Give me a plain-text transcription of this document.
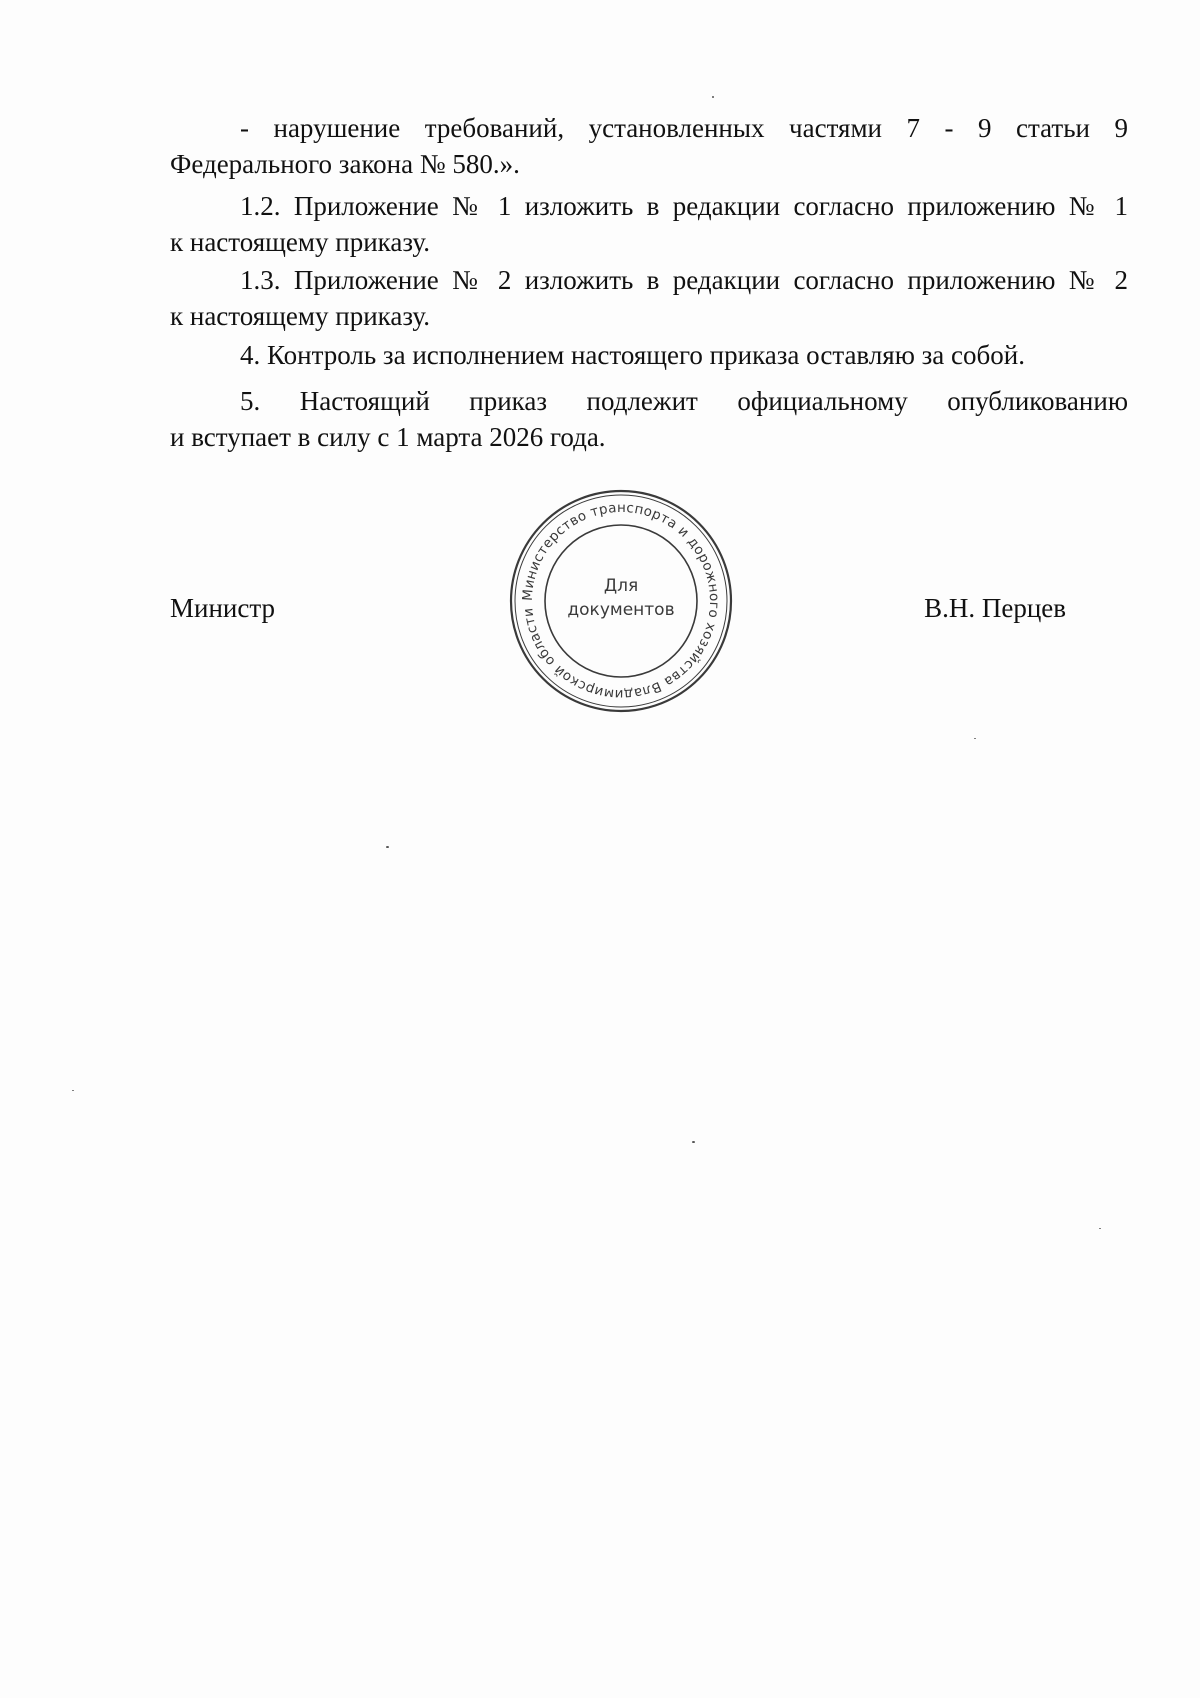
- нарушение требований, установленных частями 7 - 9 статьи 9
Федерального закона № 580.».

1.2. Приложение № 1 изложить в редакции согласно приложению № 1
к настоящему приказу.

1.3. Приложение № 2 изложить в редакции согласно приложению № 2
к настоящему приказу.

4. Контроль за исполнением настоящего приказа оставляю за собой.

5. Настоящий приказ подлежит официальному опубликованию
и вступает в силу с 1 марта 2026 года.

Министр	В.Н. Перцев
Министерство транспорта и дорожного хозяйства Владимирской области
Для
документов
